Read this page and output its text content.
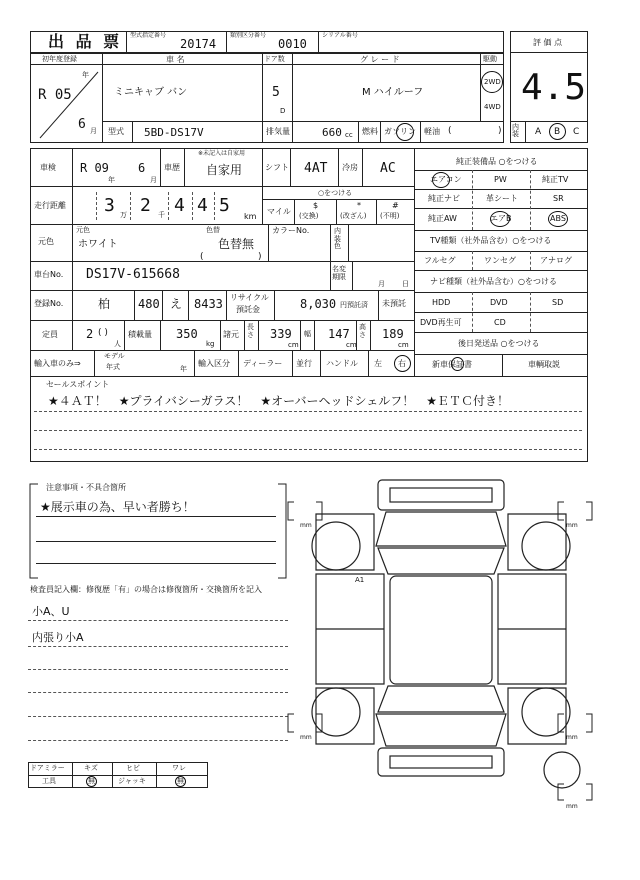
出 品 票 型式指定番号
20174
類別区分番号
0010
シリアル番号
評 価 点
4.5
初年度登録
R 05
年
6 月
車 名
ミニキャブ バン
ドア数
5
D
グ レ ー ド
M ハイルーフ
駆動
2WD
4WD
型式 5BD-DS17V	排気量	660 cc 燃料 ガソリン 軽油 (	) 内装	A B C
車検 R 09
年
6
月
車歴
※未記入は自家用
自家用	シフト 4AT 冷房 AC
走行距離 3 万 2 千 4 4 5
km
○をつける
マイル
$
(交換)
*
(改ざん)
#
(不明)
元色
元色
ホワイト
色替
(
色替無
)
カラーNo.	内装色
車台No. DS17V-615668	名変期限
月 日
登録No.	柏 480 え 8433 リサイクル
預託金	8,030 円預託済 未預託
定員 2 ( )
人
積載量 350
kg
諸元
長さ 339
cm
幅 147
cm
高さ 189
cm
輸入車のみ⇒
モデル
年式	年
輸入区分 ディーラー 並行 ハンドル 左 右
純正装備品 ○をつける
エアコン	PW	純正TV
純正ナビ	革シート	SR
純正AW	エアB	ABS
TV種類（社外品含む）○をつける
フルセグ	ワンセグ	アナログ
ナビ種類（社外品含む）○をつける
HDD	DVD	SD
DVD再生可	CD
後日発送品 ○をつける
新車保証書	車輌取説
セールスポイント
★４ＡＴ！　★プライバシーガラス！　★オーバーヘッドシェルフ！　★ＥＴＣ付き！
注意事項・不具合箇所
★展示車の為、早い者勝ち！
検査員記入欄：修復歴「有」の場合は修復箇所・交換箇所を記入
小A、U
内張り小A
ドアミラー	キズ	ヒビ	ワレ
工具	無	ジャッキ	無
A1
mm	mm
mm	mm
mm
